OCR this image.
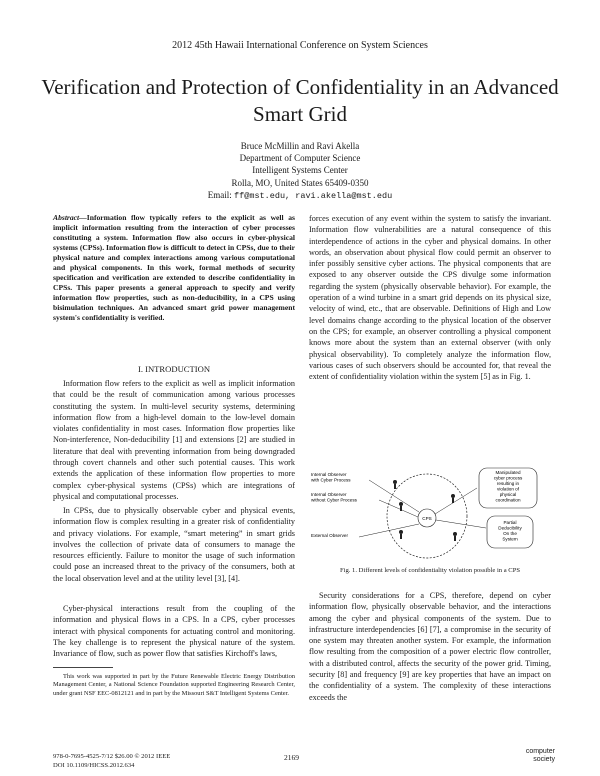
2012 45th Hawaii International Conference on System Sciences
Verification and Protection of Confidentiality in an Advanced Smart Grid
Bruce McMillin and Ravi Akella
Department of Computer Science
Intelligent Systems Center
Rolla, MO, United States 65409-0350
Email: ff@mst.edu, ravi.akella@mst.edu
Abstract—Information flow typically refers to the explicit as well as implicit information resulting from the interaction of cyber processes constituting a system. Information flow also occurs in cyber-physical systems (CPSs). Information flow is difficult to detect in CPSs, due to their physical nature and complex interactions among various computational and physical components. In this work, formal methods of security specification and verification are extended to describe confidentiality in CPSs. This paper presents a general approach to specify and verify information flow properties, such as non-deducibility, in a CPS using bisimulation techniques. An advanced smart grid power management system's confidentiality is verified.
I. INTRODUCTION

Information flow refers to the explicit as well as implicit information that could be the result of communication among various processes constituting the system. In multi-level security systems, determining information flow from a high-level domain to the low-level domain violates confidentiality in most cases. Information flow properties like Non-interference, Non-deducibility [1] and extensions [2] are studied in literature that deal with preventing information from being downgraded through covert channels and other such potential causes. This work extends the application of these information flow properties to more complex cyber-physical systems (CPSs) which are integrations of physical and computational processes.

In CPSs, due to physically observable cyber and physical events, information flow is complex resulting in a greater risk of confidentiality and privacy violations. For example, “smart metering” in smart grids involves the collection of private data of consumers to manage the resources efficiently. Failure to monitor the usage of such information could pose an increased threat to the privacy of the consumers, both at the local observation level and at the utility level [3], [4].

Cyber-physical interactions result from the coupling of the information and physical flows in a CPS. In a CPS, cyber processes interact with physical components for actuating control and monitoring. The key challenge is to represent the physical nature of the system. Invariance of flow, such as power flow that satisfies Kirchoff's laws,

This work was supported in part by the Future Renewable Electric Energy Distribution Management Center, a National Science Foundation supported Engineering Research Center, under grant NSF EEC-0812121 and in part by the Missouri S&T Intelligent Systems Center.

forces execution of any event within the system to satisfy the invariant. Information flow vulnerabilities are a natural consequence of this interdependence of actions in the cyber and physical domains. In other words, an observation about physical flow could permit an observer to infer possibly sensitive cyber actions. The physical components that are exposed to any observer outside the CPS divulge some information regarding the system (physically observable behavior). For example, the operation of a wind turbine in a smart grid depends on its physical size, velocity of wind, etc., that are observable. Definitions of High and Low level domains change according to the physical location of the observer on the CPS; for example, an observer controlling a physical component knows more about the system than an external observer (with only physical observability). To completely analyze the information flow, various cases of such observers should be accounted for, that reveal the extent of confidentiality violation within the system [5] as in Fig. 1.

CPS
Internal Observer with Cyber Process
Internal Observer without Cyber Process
External Observer
Manipulated cyber process resulting in violation of physical coordination
Partial Deducibility On the System
Fig. 1. Different levels of confidentiality violation possible in a CPS

Security considerations for a CPS, therefore, depend on cyber information flow, physically observable behavior, and the interactions among the cyber and physical components of the system. Due to infrastructure interdependencies [6] [7], a compromise in the security of one system may threaten another system. For example, the information flow resulting from the composition of a power electric flow controller, with a distributed control, affects the security of the power grid. Timing, security [8] and frequency [9] are key properties that have an impact on the confidentiality of a system. The complexity of these interactions exceeds the

978-0-7695-4525-7/12 $26.00 © 2012 IEEE
DOI 10.1109/HICSS.2012.634
2169
computer
society
